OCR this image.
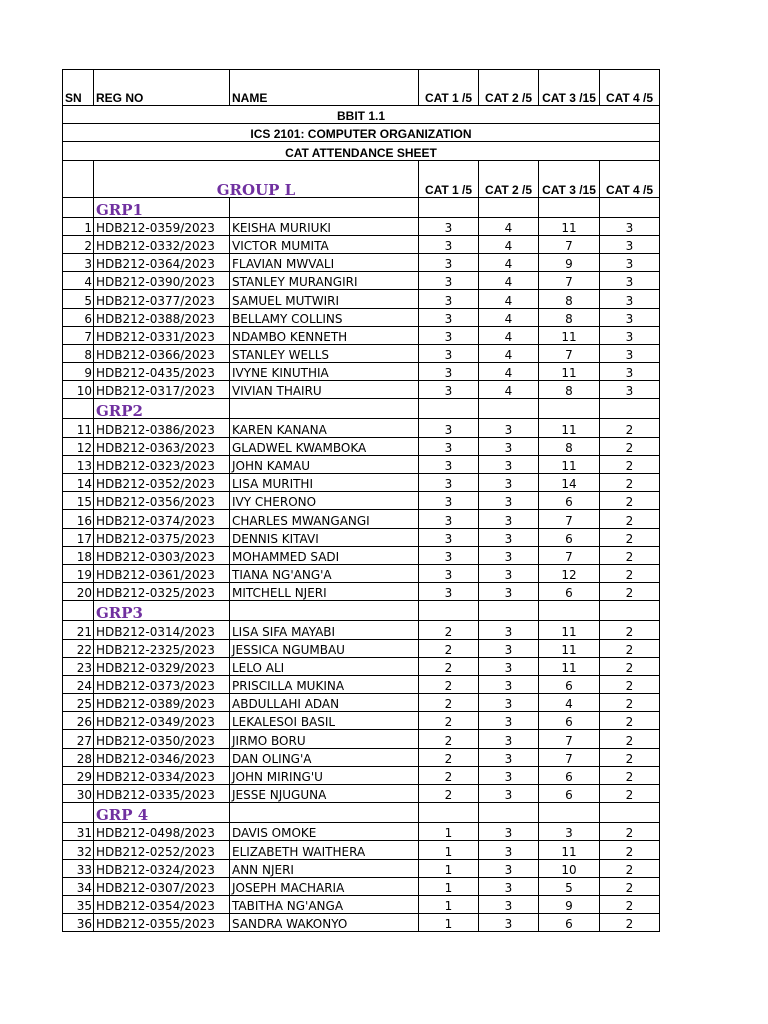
SN	REG NO	NAME	CAT 1 /5	CAT 2 /5	CAT 3 /15	CAT 4 /5
BBIT 1.1						
ICS 2101: COMPUTER ORGANIZATION						
CAT ATTENDANCE SHEET						
	GROUP L		CAT 1 /5	CAT 2 /5	CAT 3 /15	CAT 4 /5
	GRP1					
1	HDB212-0359/2023	KEISHA MURIUKI	3	4	11	3
2	HDB212-0332/2023	VICTOR MUMITA	3	4	7	3
3	HDB212-0364/2023	FLAVIAN MWVALI	3	4	9	3
4	HDB212-0390/2023	STANLEY MURANGIRI	3	4	7	3
5	HDB212-0377/2023	SAMUEL MUTWIRI	3	4	8	3
6	HDB212-0388/2023	BELLAMY COLLINS	3	4	8	3
7	HDB212-0331/2023	NDAMBO KENNETH	3	4	11	3
8	HDB212-0366/2023	STANLEY WELLS	3	4	7	3
9	HDB212-0435/2023	IVYNE KINUTHIA	3	4	11	3
10	HDB212-0317/2023	VIVIAN THAIRU	3	4	8	3
	GRP2					
11	HDB212-0386/2023	KAREN KANANA	3	3	11	2
12	HDB212-0363/2023	GLADWEL KWAMBOKA	3	3	8	2
13	HDB212-0323/2023	JOHN KAMAU	3	3	11	2
14	HDB212-0352/2023	LISA MURITHI	3	3	14	2
15	HDB212-0356/2023	IVY CHERONO	3	3	6	2
16	HDB212-0374/2023	CHARLES MWANGANGI	3	3	7	2
17	HDB212-0375/2023	DENNIS KITAVI	3	3	6	2
18	HDB212-0303/2023	MOHAMMED SADI	3	3	7	2
19	HDB212-0361/2023	TIANA NG'ANG'A	3	3	12	2
20	HDB212-0325/2023	MITCHELL NJERI	3	3	6	2
	GRP3					
21	HDB212-0314/2023	LISA SIFA MAYABI	2	3	11	2
22	HDB212-2325/2023	JESSICA NGUMBAU	2	3	11	2
23	HDB212-0329/2023	LELO ALI	2	3	11	2
24	HDB212-0373/2023	PRISCILLA MUKINA	2	3	6	2
25	HDB212-0389/2023	ABDULLAHI ADAN	2	3	4	2
26	HDB212-0349/2023	LEKALESOI BASIL	2	3	6	2
27	HDB212-0350/2023	JIRMO BORU	2	3	7	2
28	HDB212-0346/2023	DAN OLING'A	2	3	7	2
29	HDB212-0334/2023	JOHN MIRING'U	2	3	6	2
30	HDB212-0335/2023	JESSE NJUGUNA	2	3	6	2
	GRP 4					
31	HDB212-0498/2023	DAVIS OMOKE	1	3	3	2
32	HDB212-0252/2023	ELIZABETH WAITHERA	1	3	11	2
33	HDB212-0324/2023	ANN NJERI	1	3	10	2
34	HDB212-0307/2023	JOSEPH MACHARIA	1	3	5	2
35	HDB212-0354/2023	TABITHA NG'ANGA	1	3	9	2
36	HDB212-0355/2023	SANDRA WAKONYO	1	3	6	2
